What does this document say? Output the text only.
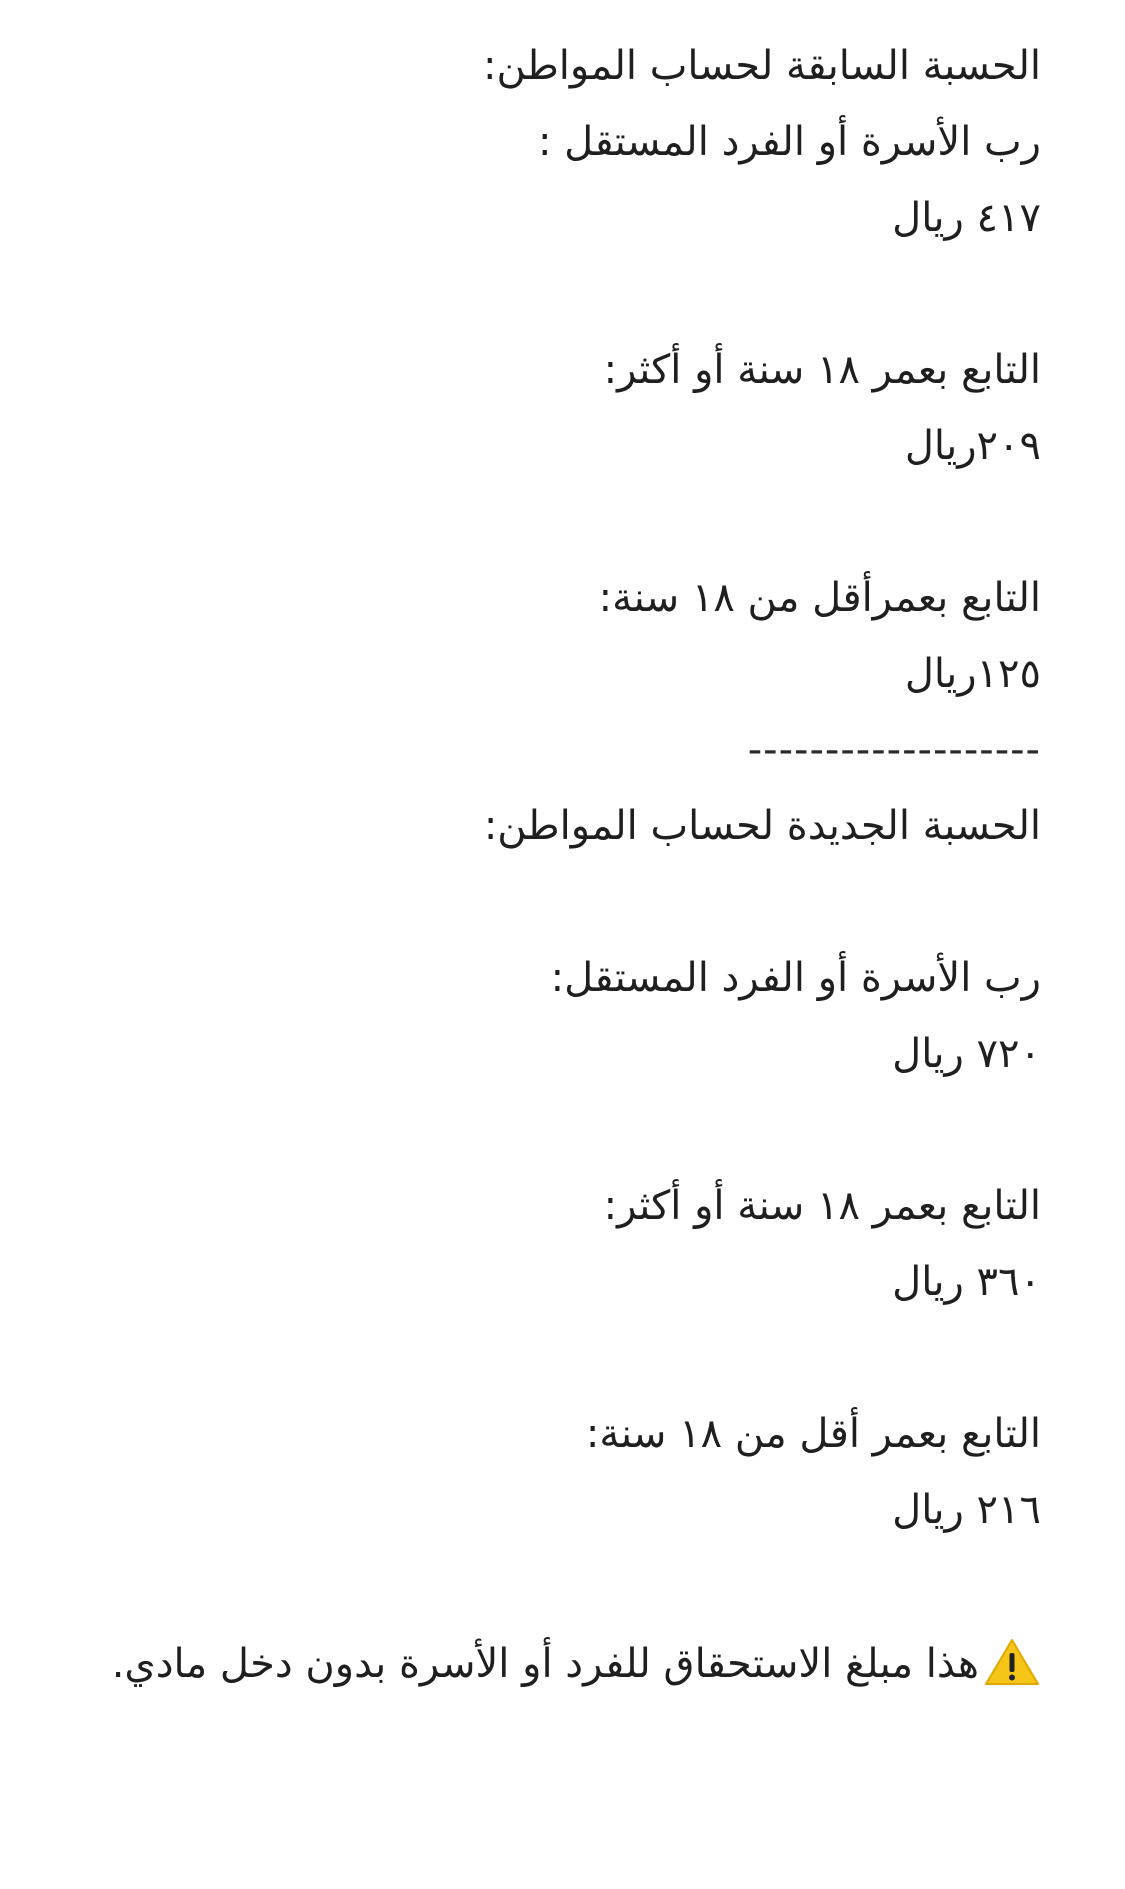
الحسبة السابقة لحساب المواطن:
رب الأسرة أو الفرد المستقل :
٤١٧ ريال
التابع بعمر ١٨ سنة أو أكثر:
٢٠٩ريال
التابع بعمرأقل من ١٨ سنة:
١٢٥ريال
-------------------
الحسبة الجديدة لحساب المواطن:
رب الأسرة أو الفرد المستقل:
٧٢٠ ريال
التابع بعمر ١٨ سنة أو أكثر:
٣٦٠ ريال
التابع بعمر أقل من ١٨ سنة:
٢١٦ ريال
هذا مبلغ الاستحقاق للفرد أو الأسرة بدون دخل مادي.
